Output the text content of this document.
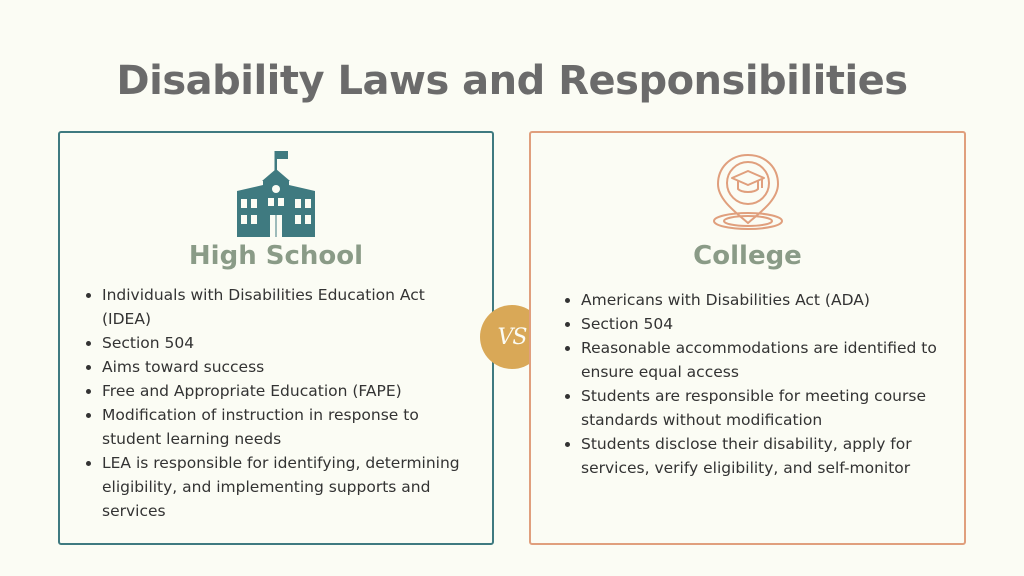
Disability Laws and Responsibilities
High School
Individuals with Disabilities Education Act (IDEA)
Section 504
Aims toward success
Free and Appropriate Education (FAPE)
Modification of instruction in response to student learning needs
LEA is responsible for identifying, determining eligibility, and implementing supports and services
VS
College
Americans with Disabilities Act (ADA)
Section 504
Reasonable accommodations are identified to ensure equal access
Students are responsible for meeting course standards without modification
Students disclose their disability, apply for services, verify eligibility, and self-monitor
